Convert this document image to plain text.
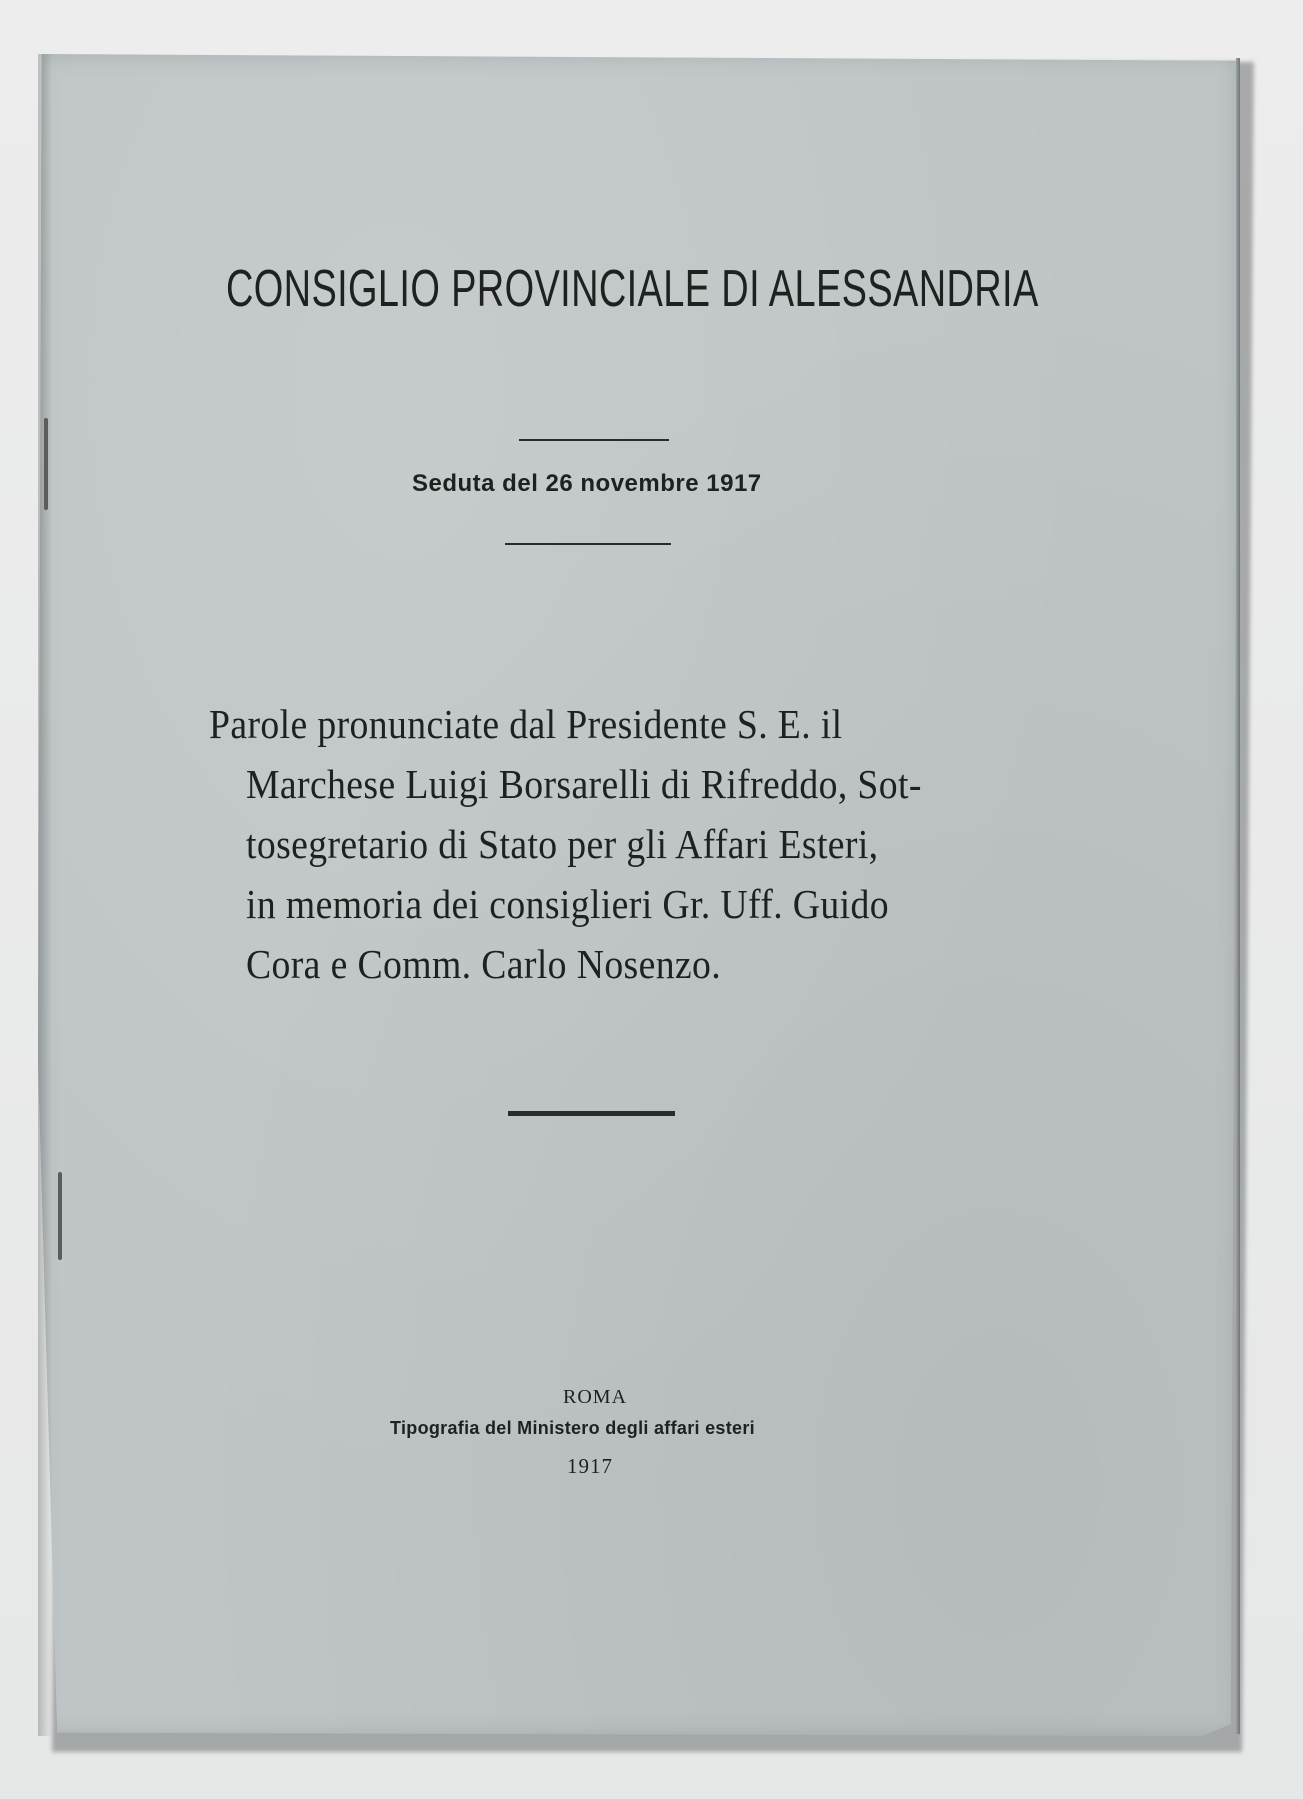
CONSIGLIO PROVINCIALE DI ALESSANDRIA
Seduta del 26 novembre 1917
Parole pronunciate dal Presidente S. E. il
Marchese Luigi Borsarelli di Rifreddo, Sot-
tosegretario di Stato per gli Affari Esteri,
in memoria dei consiglieri Gr. Uff. Guido
Cora e Comm. Carlo Nosenzo.
ROMA
Tipografia del Ministero degli affari esteri
1917
